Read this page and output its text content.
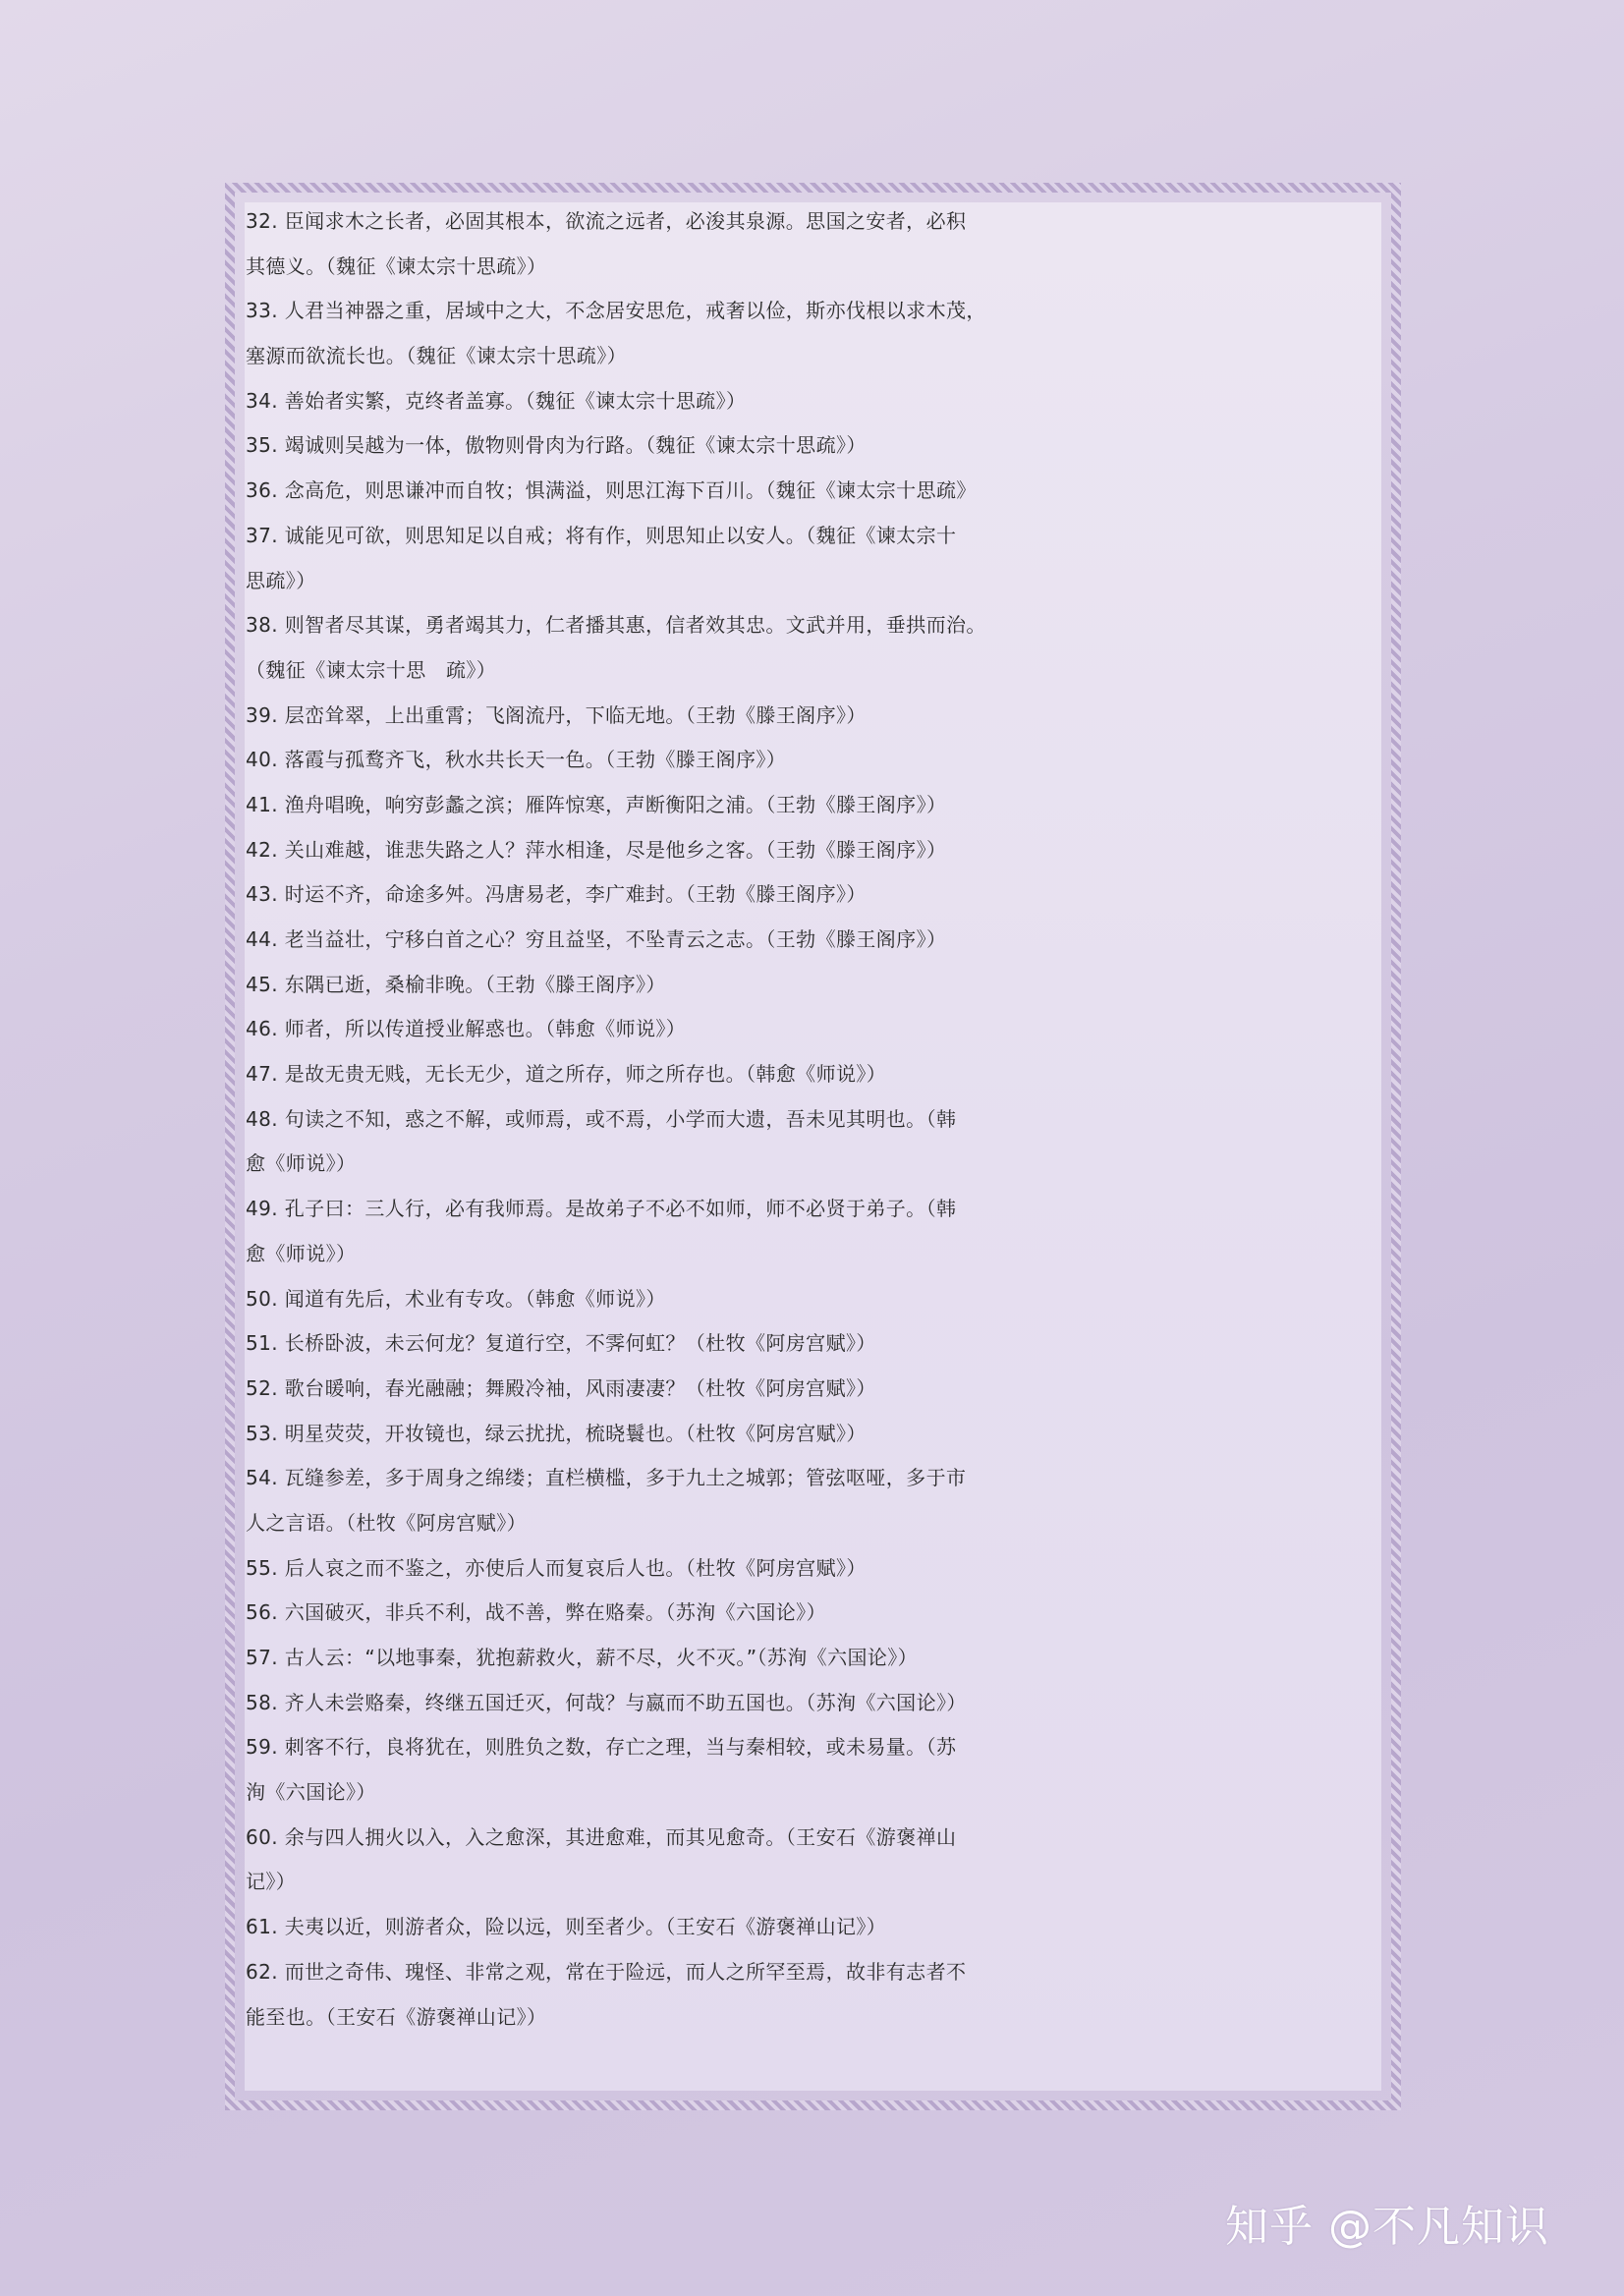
32. 臣闻求木之长者，必固其根本，欲流之远者，必浚其泉源。思国之安者，必积
其德义。（魏征《谏太宗十思疏》）
33. 人君当神器之重，居域中之大，不念居安思危，戒奢以俭，斯亦伐根以求木茂，
塞源而欲流长也。（魏征《谏太宗十思疏》）
34. 善始者实繁，克终者盖寡。（魏征《谏太宗十思疏》）
35. 竭诚则吴越为一体，傲物则骨肉为行路。（魏征《谏太宗十思疏》）
36. 念高危，则思谦冲而自牧；惧满溢，则思江海下百川。（魏征《谏太宗十思疏》
37. 诚能见可欲，则思知足以自戒；将有作，则思知止以安人。（魏征《谏太宗十
思疏》）
38. 则智者尽其谋，勇者竭其力，仁者播其惠，信者效其忠。文武并用，垂拱而治。
（魏征《谏太宗十思　疏》）
39. 层峦耸翠，上出重霄；飞阁流丹，下临无地。（王勃《滕王阁序》）
40. 落霞与孤鹜齐飞，秋水共长天一色。（王勃《滕王阁序》）
41. 渔舟唱晚，响穷彭蠡之滨；雁阵惊寒，声断衡阳之浦。（王勃《滕王阁序》）
42. 关山难越，谁悲失路之人？萍水相逢，尽是他乡之客。（王勃《滕王阁序》）
43. 时运不齐，命途多舛。冯唐易老，李广难封。（王勃《滕王阁序》）
44. 老当益壮，宁移白首之心？穷且益坚，不坠青云之志。（王勃《滕王阁序》）
45. 东隅已逝，桑榆非晚。（王勃《滕王阁序》）
46. 师者，所以传道授业解惑也。（韩愈《师说》）
47. 是故无贵无贱，无长无少，道之所存，师之所存也。（韩愈《师说》）
48. 句读之不知，惑之不解，或师焉，或不焉，小学而大遗，吾未见其明也。（韩
愈《师说》）
49. 孔子曰：三人行，必有我师焉。是故弟子不必不如师，师不必贤于弟子。（韩
愈《师说》）
50. 闻道有先后，术业有专攻。（韩愈《师说》）
51. 长桥卧波，未云何龙？复道行空，不霁何虹？（杜牧《阿房宫赋》）
52. 歌台暖响，春光融融；舞殿冷袖，风雨凄凄？（杜牧《阿房宫赋》）
53. 明星荧荧，开妆镜也，绿云扰扰，梳晓鬟也。（杜牧《阿房宫赋》）
54. 瓦缝参差，多于周身之绵缕；直栏横槛，多于九土之城郭；管弦呕哑，多于市
人之言语。（杜牧《阿房宫赋》）
55. 后人哀之而不鉴之，亦使后人而复哀后人也。（杜牧《阿房宫赋》）
56. 六国破灭，非兵不利，战不善，弊在赂秦。（苏洵《六国论》）
57. 古人云：“以地事秦，犹抱薪救火，薪不尽，火不灭。”（苏洵《六国论》）
58. 齐人未尝赂秦，终继五国迁灭，何哉？与嬴而不助五国也。（苏洵《六国论》）
59. 刺客不行，良将犹在，则胜负之数，存亡之理，当与秦相较，或未易量。（苏
洵《六国论》）
60. 余与四人拥火以入，入之愈深，其进愈难，而其见愈奇。（王安石《游褒禅山
记》）
61. 夫夷以近，则游者众，险以远，则至者少。（王安石《游褒禅山记》）
62. 而世之奇伟、瑰怪、非常之观，常在于险远，而人之所罕至焉，故非有志者不
能至也。（王安石《游褒禅山记》）
知乎 @不凡知识
